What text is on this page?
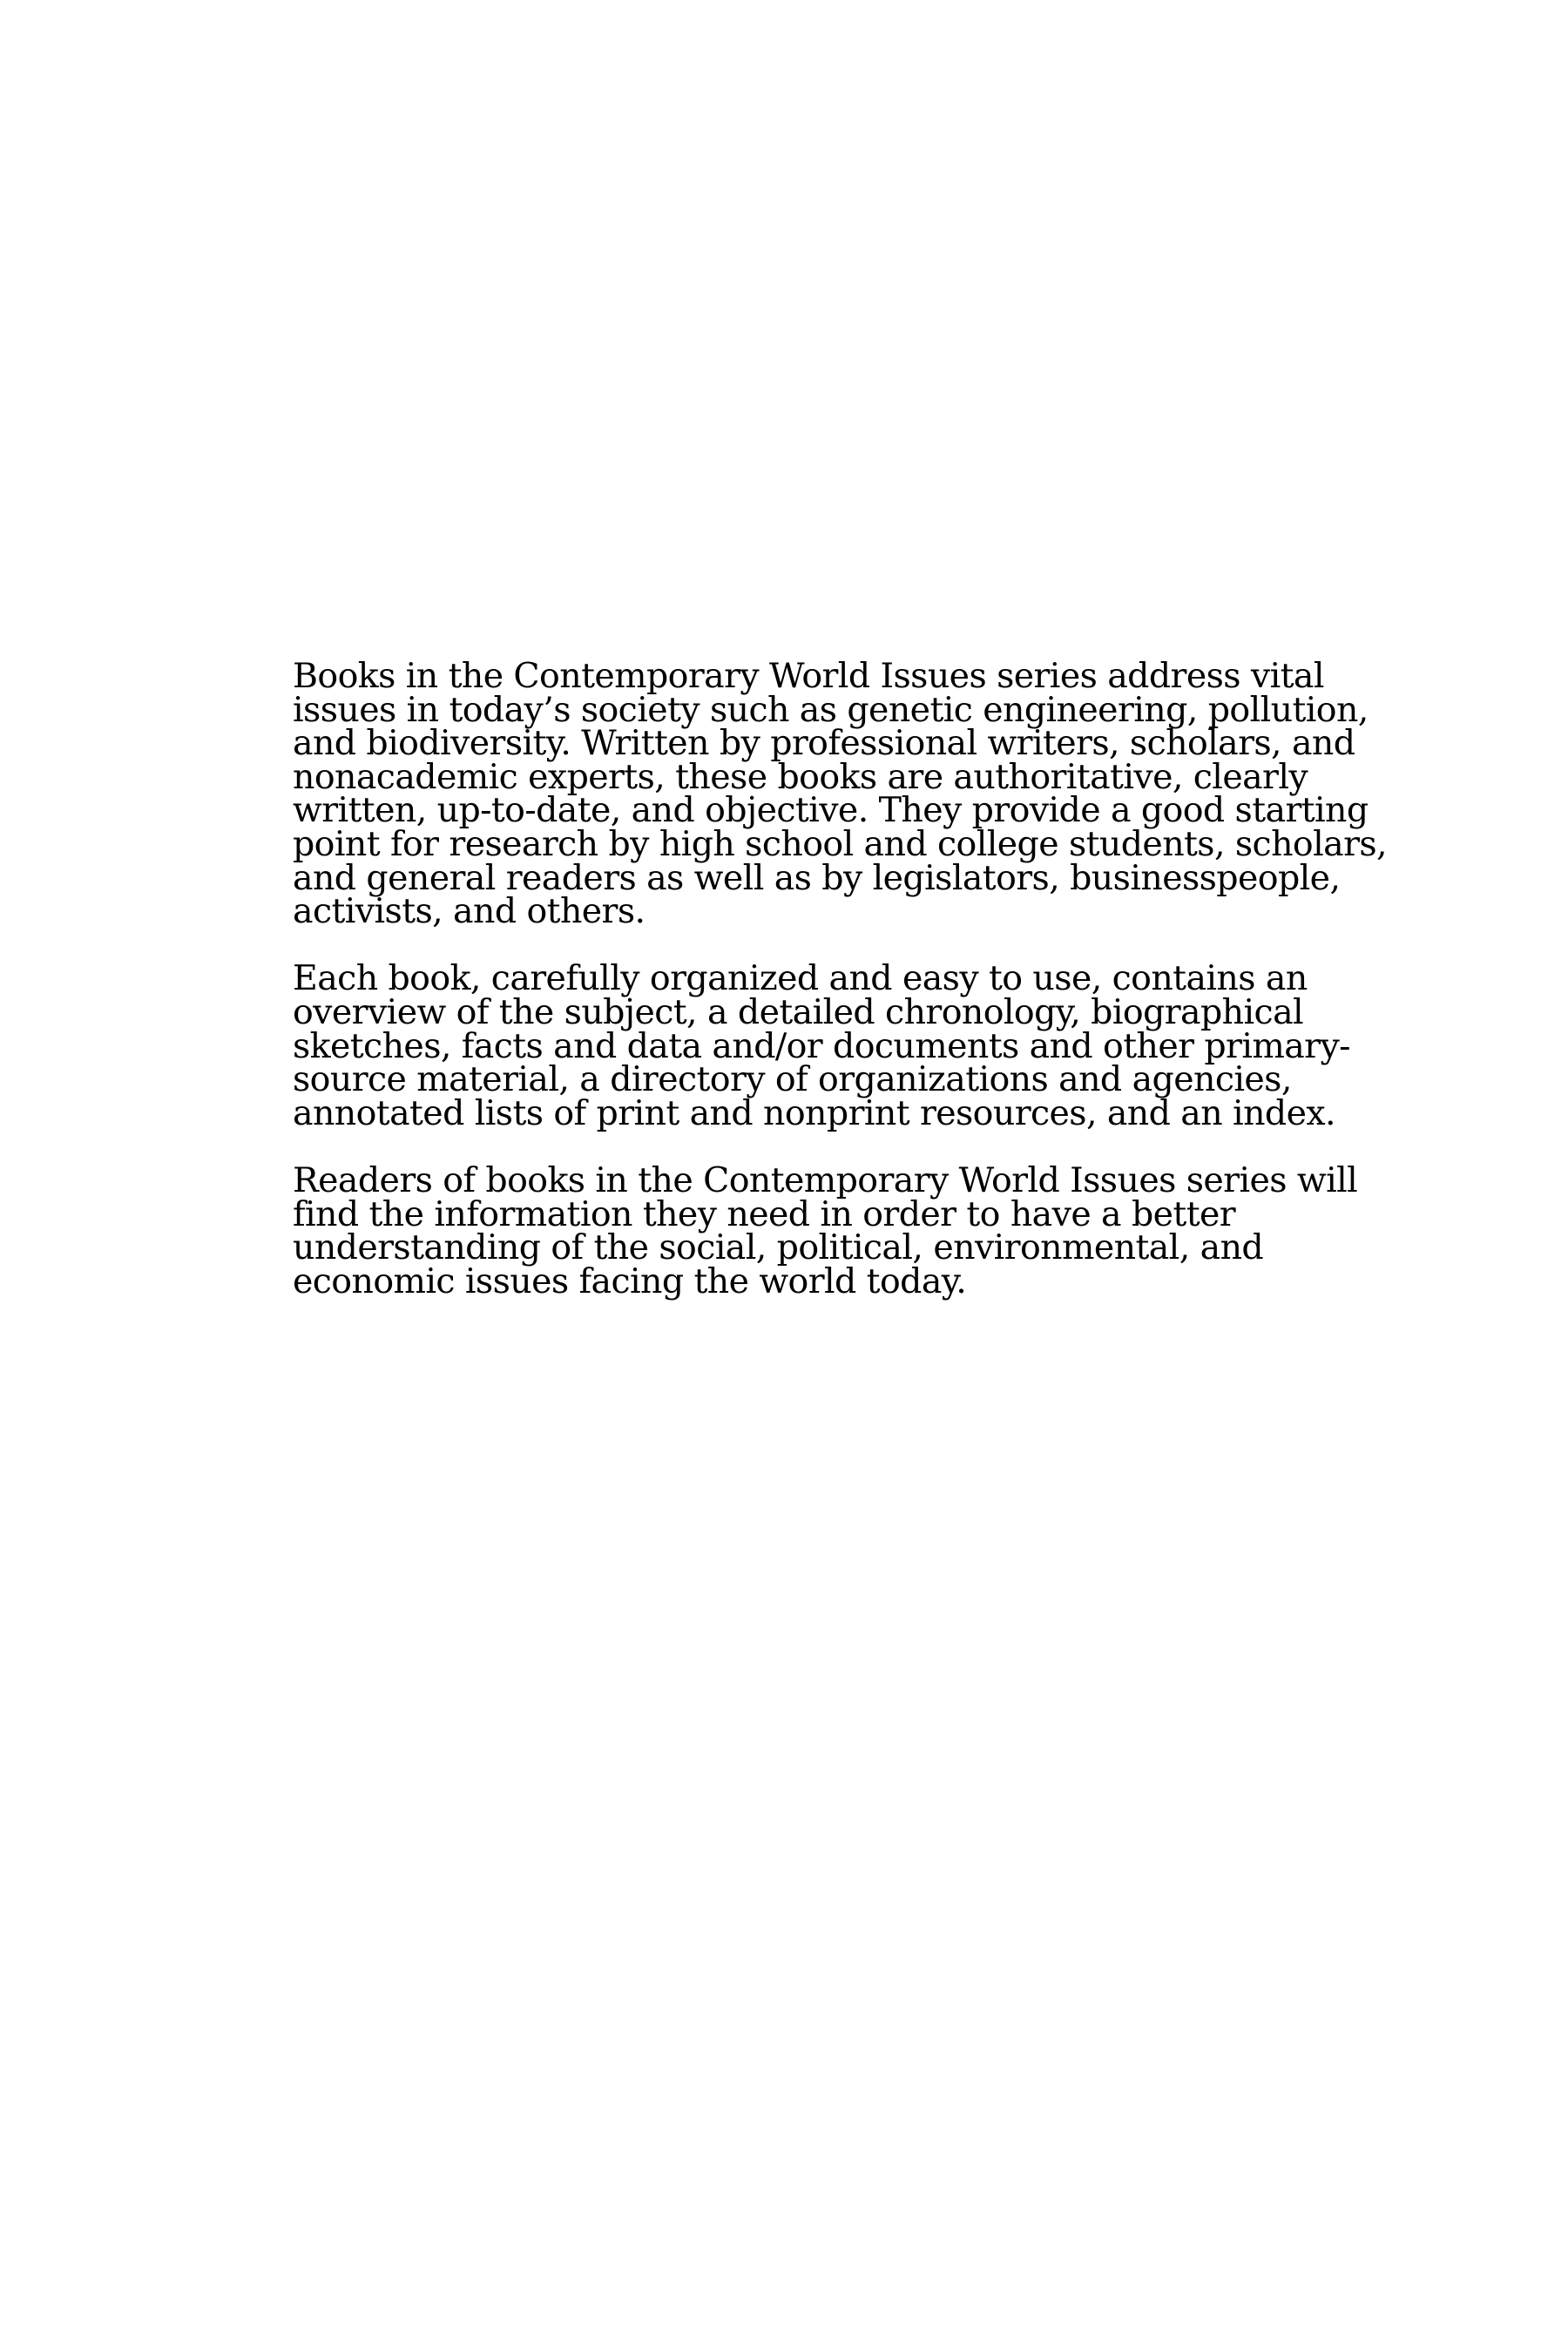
Books in the Contemporary World Issues series address vital
issues in today’s society such as genetic engineering, pollution,
and biodiversity. Written by professional writers, scholars, and
nonacademic experts, these books are authoritative, clearly
written, up-to-date, and objective. They provide a good starting
point for research by high school and college students, scholars,
and general readers as well as by legislators, businesspeople,
activists, and others.

Each book, carefully organized and easy to use, contains an
overview of the subject, a detailed chronology, biographical
sketches, facts and data and/or documents and other primary-
source material, a directory of organizations and agencies,
annotated lists of print and nonprint resources, and an index.

Readers of books in the Contemporary World Issues series will
find the information they need in order to have a better
understanding of the social, political, environmental, and
economic issues facing the world today.
